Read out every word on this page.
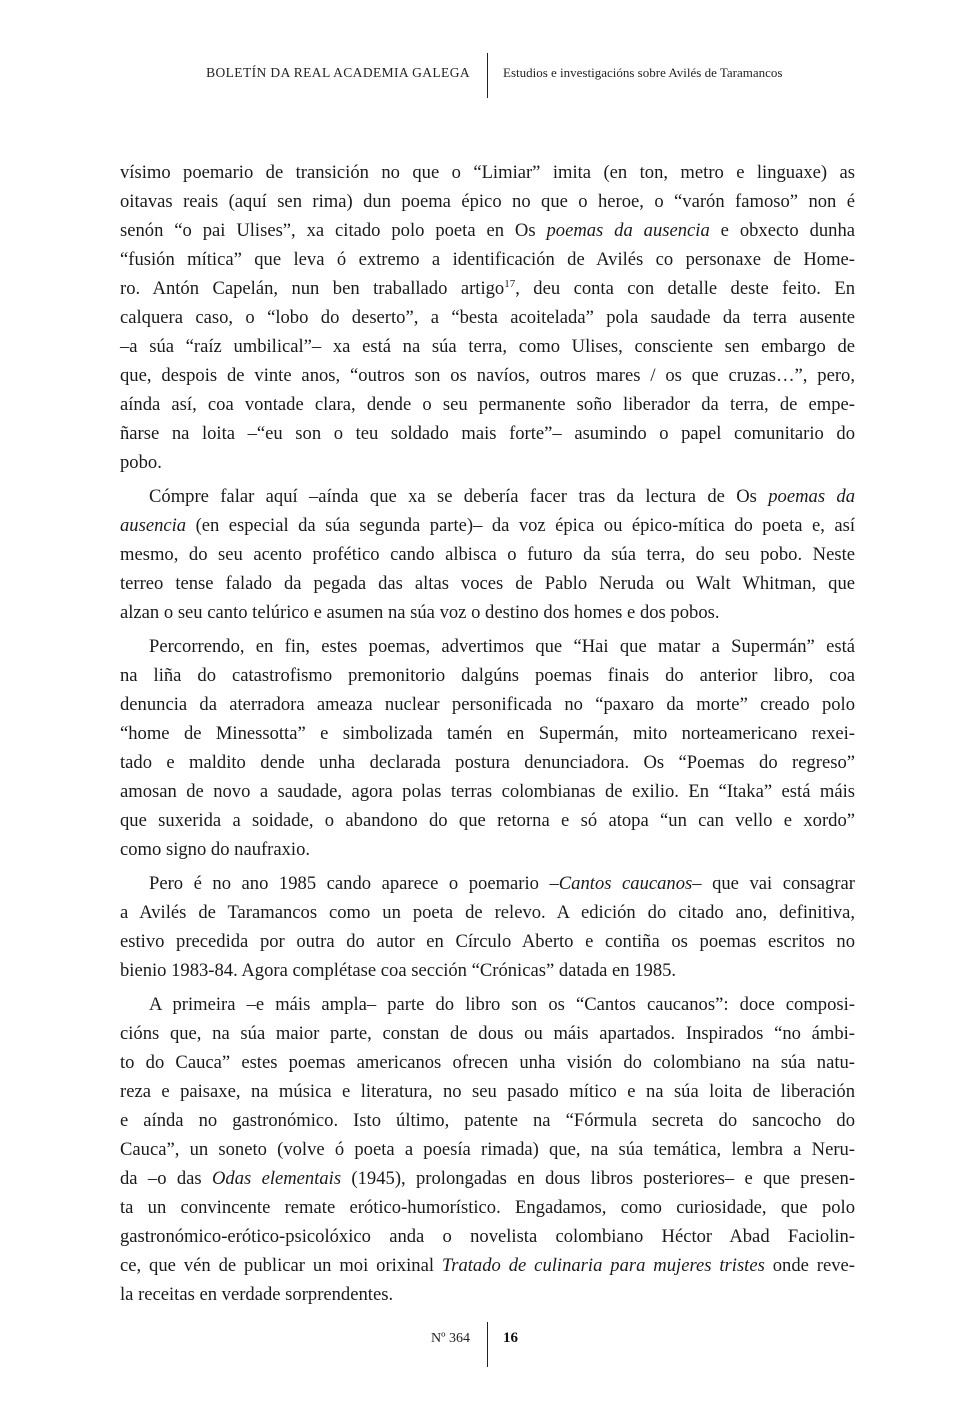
BOLETÍN DA REAL ACADEMIA GALEGA	Estudios e investigacións sobre Avilés de Taramancos
vísimo poemario de transición no que o “Limiar” imita (en ton, metro e linguaxe) as
oitavas reais (aquí sen rima) dun poema épico no que o heroe, o “varón famoso” non é
senón “o pai Ulises”, xa citado polo poeta en Os poemas da ausencia e obxecto dunha
“fusión mítica” que leva ó extremo a identificación de Avilés co personaxe de Home-
ro. Antón Capelán, nun ben traballado artigo$^{17}$, deu conta con detalle deste feito. En
calquera caso, o “lobo do deserto”, a “besta acoitelada” pola saudade da terra ausente
–a súa “raíz umbilical”– xa está na súa terra, como Ulises, consciente sen embargo de
que, despois de vinte anos, “outros son os navíos, outros mares / os que cruzas…”, pero,
aínda así, coa vontade clara, dende o seu permanente soño liberador da terra, de empe-
ñarse na loita –“eu son o teu soldado mais forte”– asumindo o papel comunitario do
pobo.
Cómpre falar aquí –aínda que xa se debería facer tras da lectura de Os poemas da
ausencia (en especial da súa segunda parte)– da voz épica ou épico-mítica do poeta e, así
mesmo, do seu acento profético cando albisca o futuro da súa terra, do seu pobo. Neste
terreo tense falado da pegada das altas voces de Pablo Neruda ou Walt Whitman, que
alzan o seu canto telúrico e asumen na súa voz o destino dos homes e dos pobos.
Percorrendo, en fin, estes poemas, advertimos que “Hai que matar a Supermán” está
na liña do catastrofismo premonitorio dalgúns poemas finais do anterior libro, coa
denuncia da aterradora ameaza nuclear personificada no “paxaro da morte” creado polo
“home de Minessotta” e simbolizada tamén en Supermán, mito norteamericano rexei-
tado e maldito dende unha declarada postura denunciadora. Os “Poemas do regreso”
amosan de novo a saudade, agora polas terras colombianas de exilio. En “Itaka” está máis
que suxerida a soidade, o abandono do que retorna e só atopa “un can vello e xordo”
como signo do naufraxio.
Pero é no ano 1985 cando aparece o poemario –Cantos caucanos– que vai consagrar
a Avilés de Taramancos como un poeta de relevo. A edición do citado ano, definitiva,
estivo precedida por outra do autor en Círculo Aberto e contiña os poemas escritos no
bienio 1983-84. Agora complétase coa sección “Crónicas” datada en 1985.
A primeira –e máis ampla– parte do libro son os “Cantos caucanos”: doce composi-
cións que, na súa maior parte, constan de dous ou máis apartados. Inspirados “no ámbi-
to do Cauca” estes poemas americanos ofrecen unha visión do colombiano na súa natu-
reza e paisaxe, na música e literatura, no seu pasado mítico e na súa loita de liberación
e aínda no gastronómico. Isto último, patente na “Fórmula secreta do sancocho do
Cauca”, un soneto (volve ó poeta a poesía rimada) que, na súa temática, lembra a Neru-
da –o das Odas elementais (1945), prolongadas en dous libros posteriores– e que presen-
ta un convincente remate erótico-humorístico. Engadamos, como curiosidade, que polo
gastronómico-erótico-psicolóxico anda o novelista colombiano Héctor Abad Faciolin-
ce, que vén de publicar un moi orixinal Tratado de culinaria para mujeres tristes onde reve-
la receitas en verdade sorprendentes.
Nº 364 16
